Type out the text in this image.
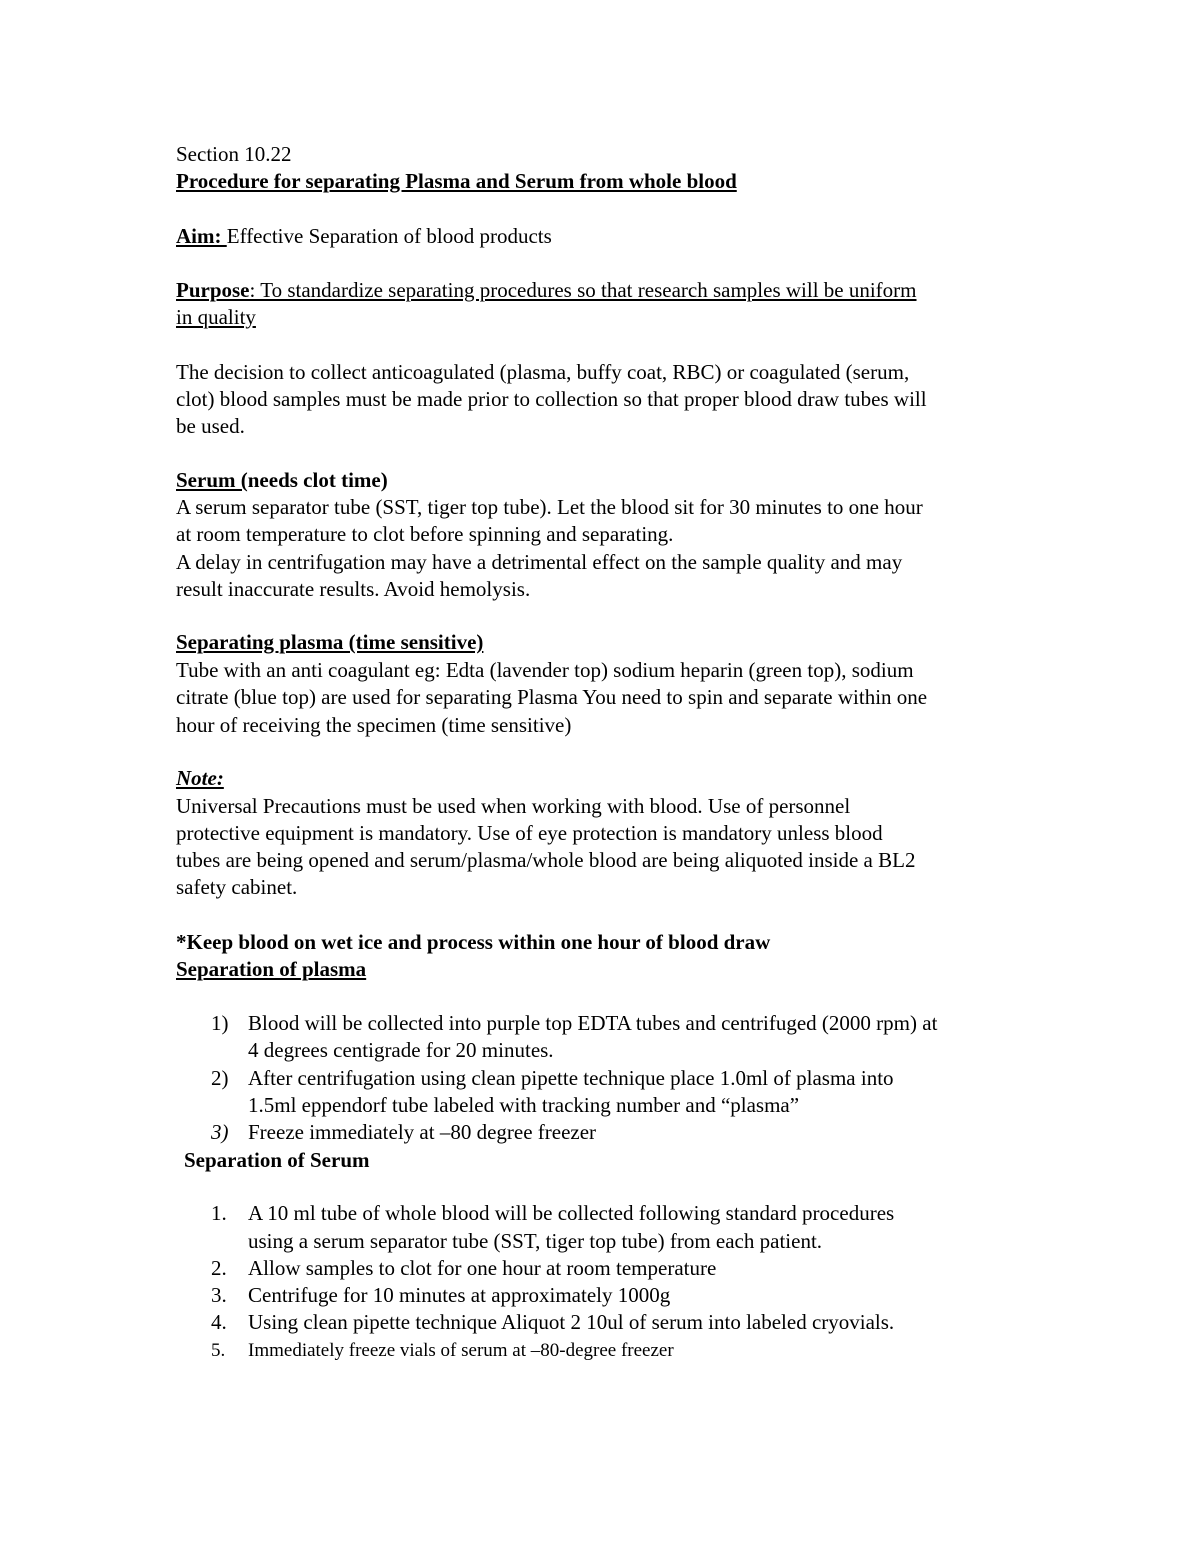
Section 10.22
Procedure for separating Plasma and Serum from whole blood
Aim: Effective Separation of blood products
Purpose: To standardize separating procedures so that research samples will be uniform
in quality
The decision to collect anticoagulated (plasma, buffy coat, RBC) or coagulated (serum,
clot) blood samples must be made prior to collection so that proper blood draw tubes will
be used.
Serum (needs clot time)
A serum separator tube (SST, tiger top tube). Let the blood sit for 30 minutes to one hour
at room temperature to clot before spinning and separating.
A delay in centrifugation may have a detrimental effect on the sample quality and may
result inaccurate results. Avoid hemolysis.
Separating plasma (time sensitive)
Tube with an anti coagulant eg: Edta (lavender top) sodium heparin (green top), sodium
citrate (blue top) are used for separating Plasma You need to spin and separate within one
hour of receiving the specimen (time sensitive)
Note:
Universal Precautions must be used when working with blood. Use of personnel
protective equipment is mandatory. Use of eye protection is mandatory unless blood
tubes are being opened and serum/plasma/whole blood are being aliquoted inside a BL2
safety cabinet.
*Keep blood on wet ice and process within one hour of blood draw
Separation of plasma
1) Blood will be collected into purple top EDTA tubes and centrifuged (2000 rpm) at
4 degrees centigrade for 20 minutes.
2) After centrifugation using clean pipette technique place 1.0ml of plasma into
1.5ml eppendorf tube labeled with tracking number and “plasma”
3) Freeze immediately at –80 degree freezer
Separation of Serum
1. A 10 ml tube of whole blood will be collected following standard procedures
using a serum separator tube (SST, tiger top tube) from each patient.
2. Allow samples to clot for one hour at room temperature
3. Centrifuge for 10 minutes at approximately 1000g
4. Using clean pipette technique Aliquot 2 10ul of serum into labeled cryovials.
5. Immediately freeze vials of serum at –80-degree freezer
